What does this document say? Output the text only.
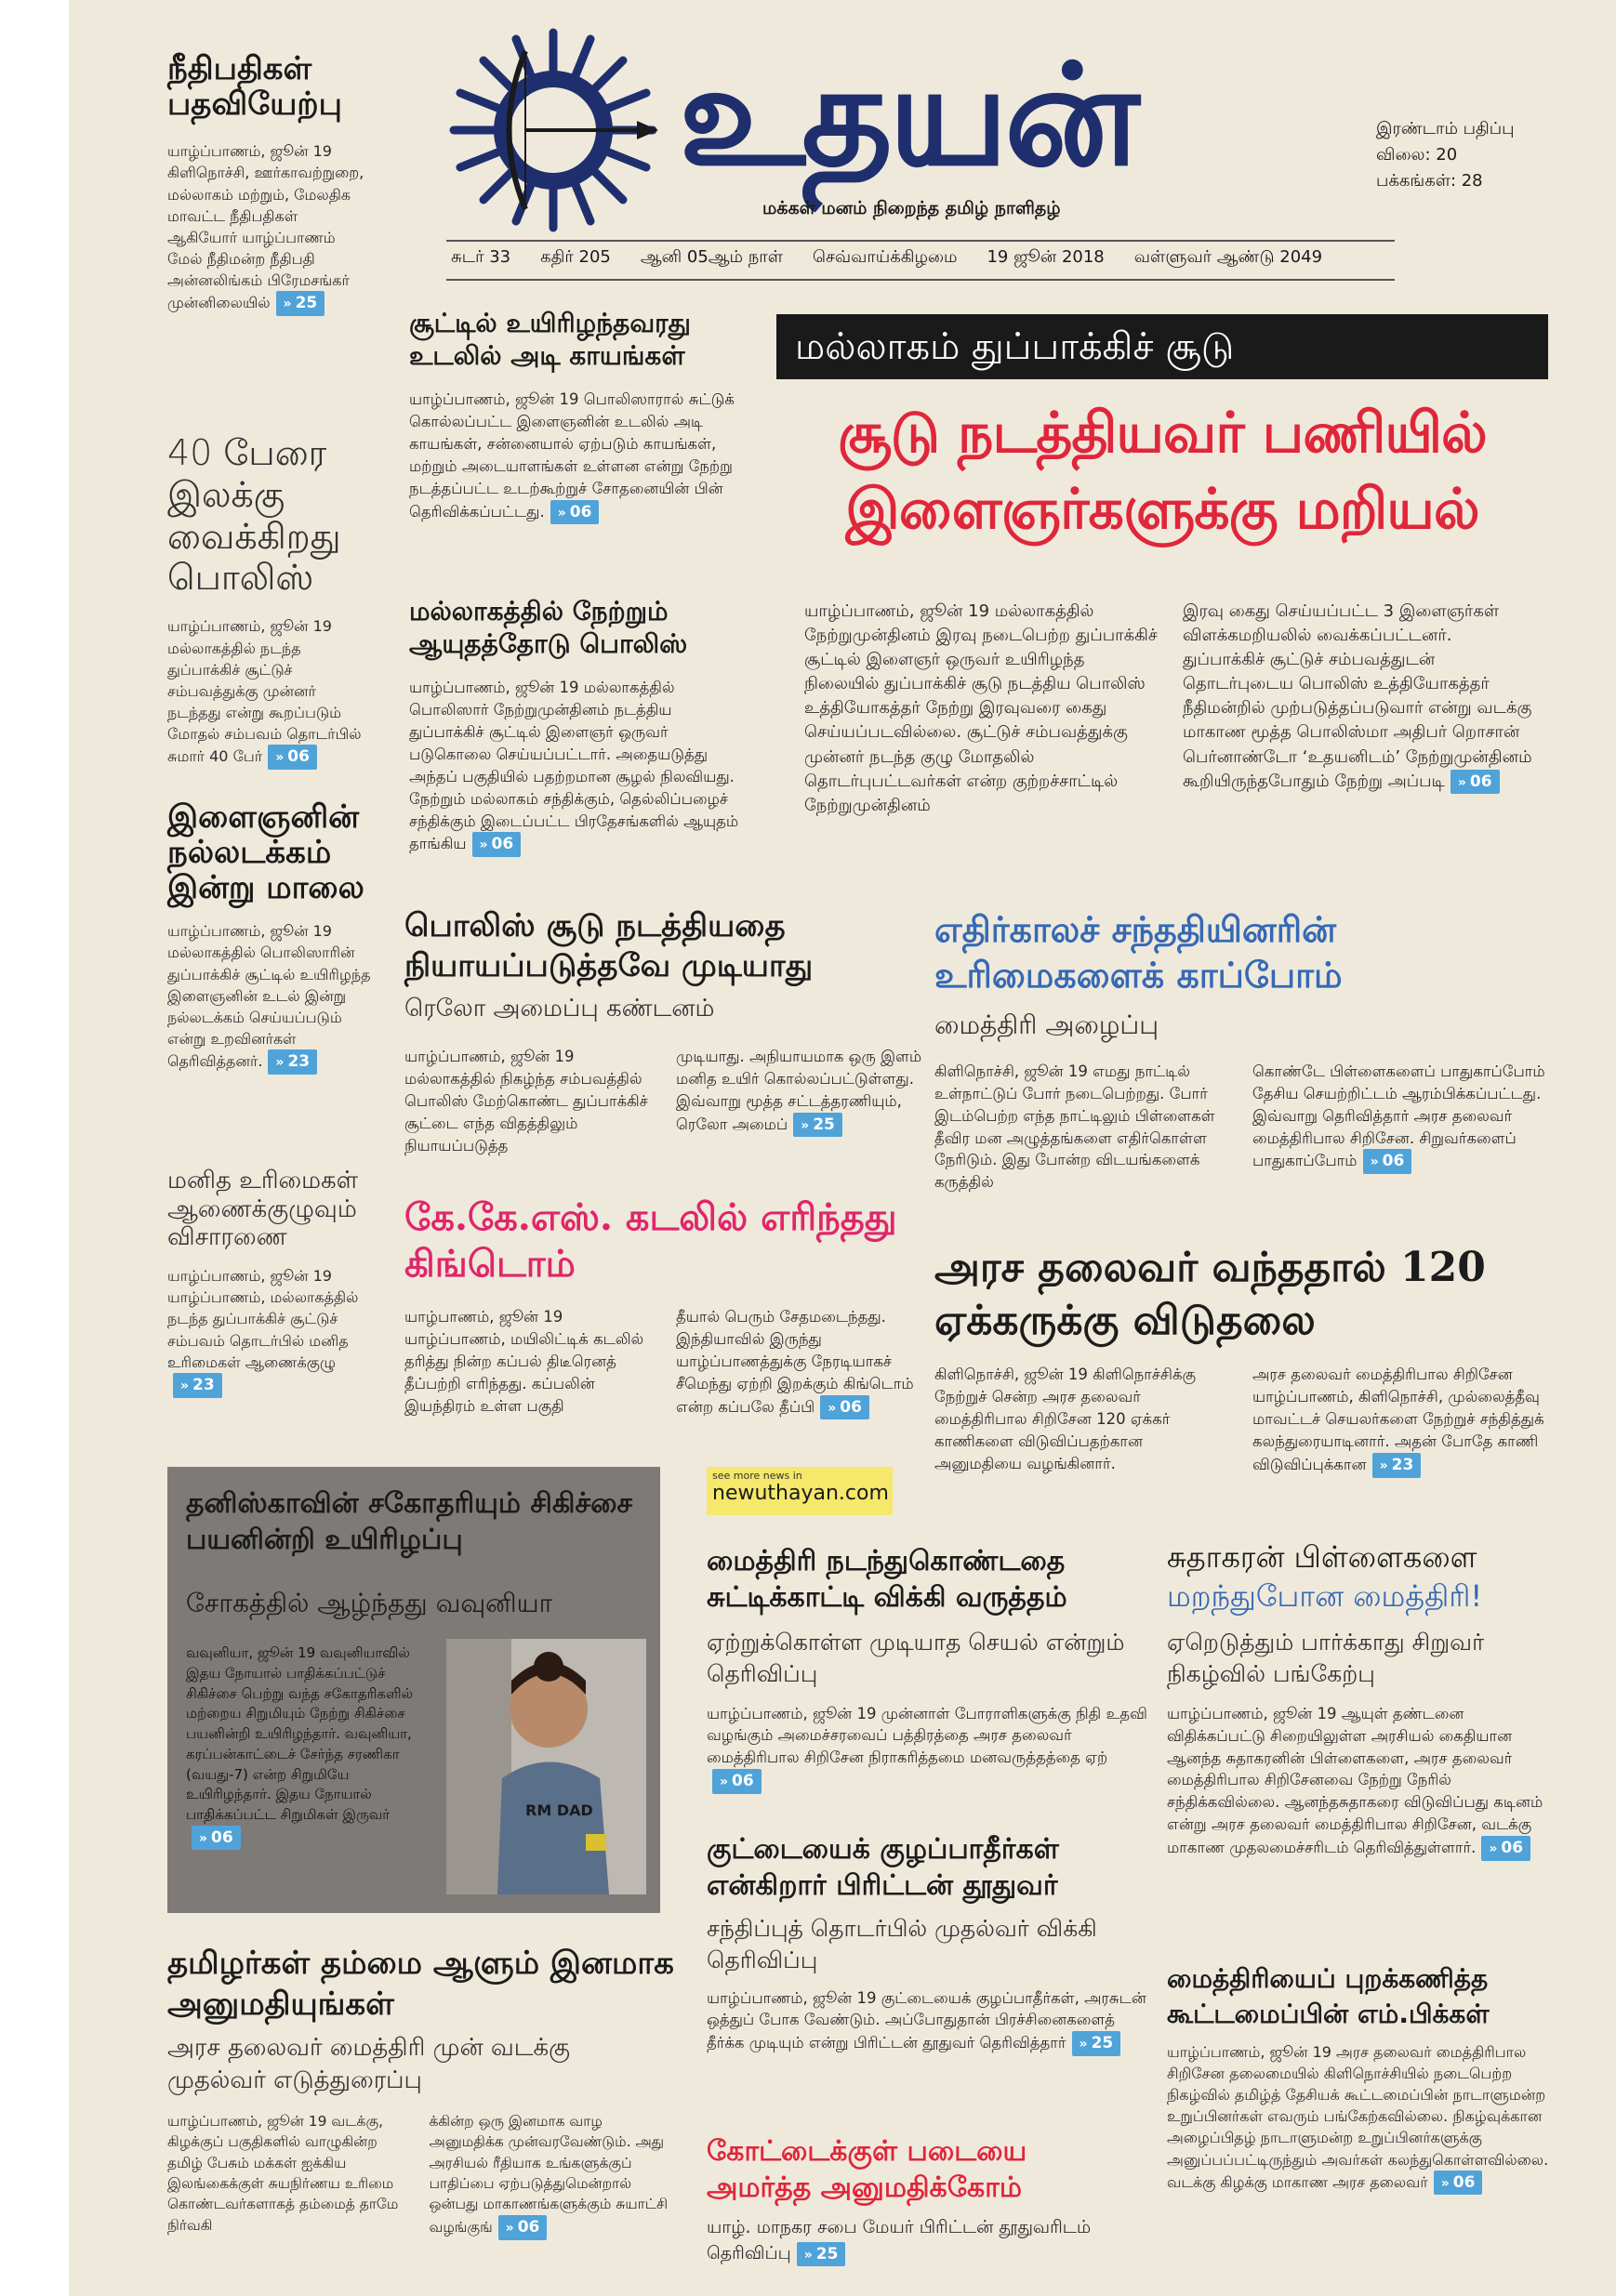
உதயன்
மக்கள் மனம் நிறைந்த தமிழ் நாளிதழ்
இரண்டாம் பதிப்பு
விலை: 20
பக்கங்கள்: 28
சுடர் 33 கதிர் 205 ஆனி 05ஆம் நாள் செவ்வாய்க்கிழமை 19 ஜூன் 2018 வள்ளுவர் ஆண்டு 2049
நீதிபதிகள் பதவியேற்பு
யாழ்ப்பாணம், ஜூன் 19 கிளிநொச்சி, ஊர்காவற்றுறை, மல்லாகம் மற்றும், மேலதிக மாவட்ட நீதிபதிகள் ஆகியோர் யாழ்ப்பாணம் மேல் நீதிமன்ற நீதிபதி அன்னலிங்கம் பிரேமசங்கர் முன்னிலையில் » 25
40 பேரை இலக்கு வைக்கிறது பொலிஸ்
யாழ்ப்பாணம், ஜூன் 19 மல்லாகத்தில் நடந்த துப்பாக்கிச் சூட்டுச் சம்பவத்துக்கு முன்னர் நடந்தது என்று கூறப்படும் மோதல் சம்பவம் தொடர்பில் சுமார் 40 பேர் » 06
இளைஞனின் நல்லடக்கம் இன்று மாலை
யாழ்ப்பாணம், ஜூன் 19 மல்லாகத்தில் பொலிஸாரின் துப்பாக்கிச் சூட்டில் உயிரிழந்த இளைஞனின் உடல் இன்று நல்லடக்கம் செய்யப்படும் என்று உறவினர்கள் தெரிவித்தனர். » 23
மனித உரிமைகள் ஆணைக்குழுவும் விசாரணை
யாழ்ப்பாணம், ஜூன் 19 யாழ்ப்பாணம், மல்லாகத்தில் நடந்த துப்பாக்கிச் சூட்டுச் சம்பவம் தொடர்பில் மனித உரிமைகள் ஆணைக்குழு» 23
சூட்டில் உயிரிழந்தவரது உடலில் அடி காயங்கள்
யாழ்ப்பாணம், ஜூன் 19 பொலிஸாரால் சுட்டுக் கொல்லப்பட்ட இளைஞனின் உடலில் அடி காயங்கள், சன்னையால் ஏற்படும் காயங்கள், மற்றும் அடையாளங்கள் உள்ளன என்று நேற்று நடத்தப்பட்ட உடற்கூற்றுச் சோதனையின் பின் தெரிவிக்கப்பட்டது. » 06
மல்லாகத்தில் நேற்றும் ஆயுதத்தோடு பொலிஸ்
யாழ்ப்பாணம், ஜூன் 19 மல்லாகத்தில் பொலிஸார் நேற்றுமுன்தினம் நடத்திய துப்பாக்கிச் சூட்டில் இளைஞர் ஒருவர் படுகொலை செய்யப்பட்டார். அதையடுத்து அந்தப் பகுதியில் பதற்றமான சூழல் நிலவியது. நேற்றும் மல்லாகம் சந்திக்கும், தெல்லிப்பழைச் சந்திக்கும் இடைப்பட்ட பிரதேசங்களில் ஆயுதம் தாங்கிய » 06
மல்லாகம் துப்பாக்கிச் சூடு
சூடு நடத்தியவர் பணியில்
இளைஞர்களுக்கு மறியல்
யாழ்ப்பாணம், ஜூன் 19 மல்லாகத்தில் நேற்றுமுன்தினம் இரவு நடைபெற்ற துப்பாக்கிச் சூட்டில் இளைஞர் ஒருவர் உயிரிழந்த நிலையில் துப்பாக்கிச் சூடு நடத்திய பொலிஸ் உத்தியோகத்தர் நேற்று இரவுவரை கைது செய்யப்படவில்லை. சூட்டுச் சம்பவத்துக்கு முன்னர் நடந்த குழு மோதலில் தொடர்புபட்டவர்கள் என்ற குற்றச்சாட்டில் நேற்றுமுன்தினம்
இரவு கைது செய்யப்பட்ட 3 இளைஞர்கள் விளக்கமறியலில் வைக்கப்பட்டனர். துப்பாக்கிச் சூட்டுச் சம்பவத்துடன் தொடர்புடைய பொலிஸ் உத்தியோகத்தர் நீதிமன்றில் முற்படுத்தப்படுவார் என்று வடக்கு மாகாண மூத்த பொலிஸ்மா அதிபர் றொசான் பெர்னாண்டோ ‘உதயனிடம்’ நேற்றுமுன்தினம் கூறியிருந்தபோதும் நேற்று அப்படி » 06
பொலிஸ் சூடு நடத்தியதை நியாயப்படுத்தவே முடியாது
ரெலோ அமைப்பு கண்டனம்
யாழ்ப்பாணம், ஜூன் 19 மல்லாகத்தில் நிகழ்ந்த சம்பவத்தில் பொலிஸ் மேற்கொண்ட துப்பாக்கிச் சூட்டை எந்த விதத்திலும் நியாயப்படுத்த
முடியாது. அநியாயமாக ஒரு இளம் மனித உயிர் கொல்லப்பட்டுள்ளது. இவ்வாறு மூத்த சட்டத்தரணியும், ரெலோ அமைப் » 25
எதிர்காலச் சந்ததியினரின் உரிமைகளைக் காப்போம்
மைத்திரி அழைப்பு
கிளிநொச்சி, ஜூன் 19 எமது நாட்டில் உள்நாட்டுப் போர் நடைபெற்றது. போர் இடம்பெற்ற எந்த நாட்டிலும் பிள்ளைகள் தீவிர மன அழுத்தங்களை எதிர்கொள்ள நேரிடும். இது போன்ற விடயங்களைக் கருத்தில்
கொண்டே பிள்ளைகளைப் பாதுகாப்போம் தேசிய செயற்றிட்டம் ஆரம்பிக்கப்பட்டது. இவ்வாறு தெரிவித்தார் அரச தலைவர் மைத்திரிபால சிறிசேன. சிறுவர்களைப் பாதுகாப்போம் » 06
கே.கே.எஸ். கடலில் எரிந்தது கிங்டொம்
யாழ்பாணம், ஜூன் 19 யாழ்ப்பாணம், மயிலிட்டிக் கடலில் தரித்து நின்ற கப்பல் திடீரெனத் தீப்பற்றி எரிந்தது. கப்பலின் இயந்திரம் உள்ள பகுதி
தீயால் பெரும் சேதமடைந்தது. இந்தியாவில் இருந்து யாழ்ப்பாணத்துக்கு நேரடியாகச் சீமெந்து ஏற்றி இறக்கும் கிங்டொம் என்ற கப்பலே தீப்பி » 06
அரச தலைவர் வந்ததால் 120 ஏக்கருக்கு விடுதலை
கிளிநொச்சி, ஜூன் 19 கிளிநொச்சிக்கு நேற்றுச் சென்ற அரச தலைவர் மைத்திரிபால சிறிசேன 120 ஏக்கர் காணிகளை விடுவிப்பதற்கான அனுமதியை வழங்கினார்.
அரச தலைவர் மைத்திரிபால சிறிசேன யாழ்ப்பாணம், கிளிநொச்சி, முல்லைத்தீவு மாவட்டச் செயலர்களை நேற்றுச் சந்தித்துக் கலந்துரையாடினார். அதன் போதே காணி விடுவிப்புக்கான » 23
தனிஸ்காவின் சகோதரியும் சிகிச்சை பயனின்றி உயிரிழப்பு
சோகத்தில் ஆழ்ந்தது வவுனியா
வவுனியா, ஜூன் 19 வவுனியாவில் இதய நோயால் பாதிக்கப்பட்டுச் சிகிச்சை பெற்று வந்த சகோதரிகளில் மற்றைய சிறுமியும் நேற்று சிகிச்சை பயனின்றி உயிரிழந்தார். வவுனியா, கரப்பன்காட்டைச் சேர்ந்த சரணிகா (வயது-7) என்ற சிறுமியே உயிரிழந்தார். இதய நோயால் பாதிக்கப்பட்ட சிறுமிகள் இருவர்» 06
RM DAD
see more news in
newuthayan.com
மைத்திரி நடந்துகொண்டதை சுட்டிக்காட்டி விக்கி வருத்தம்
ஏற்றுக்கொள்ள முடியாத செயல் என்றும் தெரிவிப்பு
யாழ்ப்பாணம், ஜூன் 19 முன்னாள் போராளிகளுக்கு நிதி உதவி வழங்கும் அமைச்சரவைப் பத்திரத்தை அரச தலைவர் மைத்திரிபால சிறிசேன நிராகரித்தமை மனவருத்தத்தை ஏற்» 06
சுதாகரன் பிள்ளைகளை
மறந்துபோன மைத்திரி!
ஏறெடுத்தும் பார்க்காது சிறுவர் நிகழ்வில் பங்கேற்பு
யாழ்ப்பாணம், ஜூன் 19 ஆயுள் தண்டனை விதிக்கப்பட்டு சிறையிலுள்ள அரசியல் கைதியான ஆனந்த சுதாகரனின் பிள்ளைகளை, அரச தலைவர் மைத்திரிபால சிறிசேனவை நேற்று நேரில் சந்திக்கவில்லை. ஆனந்தசுதாகரை விடுவிப்பது கடினம் என்று அரச தலைவர் மைத்திரிபால சிறிசேன, வடக்கு மாகாண முதலமைச்சரிடம் தெரிவித்துள்ளார். » 06
குட்டையைக் குழப்பாதீர்கள் என்கிறார் பிரிட்டன் தூதுவர்
சந்திப்புத் தொடர்பில் முதல்வர் விக்கி தெரிவிப்பு
யாழ்ப்பாணம், ஜூன் 19 குட்டையைக் குழப்பாதீர்கள், அரசுடன் ஒத்துப் போக வேண்டும். அப்போதுதான் பிரச்சினைகளைத் தீர்க்க முடியும் என்று பிரிட்டன் தூதுவர் தெரிவித்தார் » 25
தமிழர்கள் தம்மை ஆளும் இனமாக அனுமதியுங்கள்
அரச தலைவர் மைத்திரி முன் வடக்கு முதல்வர் எடுத்துரைப்பு
யாழ்ப்பாணம், ஜூன் 19 வடக்கு, கிழக்குப் பகுதிகளில் வாழுகின்ற தமிழ் பேசும் மக்கள் ஐக்கிய இலங்கைக்குள் சுயநிர்ணய உரிமை கொண்டவர்களாகத் தம்மைத் தாமே நிர்வகி
க்கின்ற ஒரு இனமாக வாழ அனுமதிக்க முன்வரவேண்டும். அது அரசியல் ரீதியாக உங்களுக்குப் பாதிப்பை ஏற்படுத்துமென்றால் ஒன்பது மாகாணங்களுக்கும் சுயாட்சி வழங்குங் » 06
மைத்திரியைப் புறக்கணித்த கூட்டமைப்பின் எம்.பிக்கள்
யாழ்ப்பாணம், ஜூன் 19 அரச தலைவர் மைத்திரிபால சிறிசேன தலைமையில் கிளிநொச்சியில் நடைபெற்ற நிகழ்வில் தமிழ்த் தேசியக் கூட்டமைப்பின் நாடாளுமன்ற உறுப்பினர்கள் எவரும் பங்கேற்கவில்லை. நிகழ்வுக்கான அழைப்பிதழ் நாடாளுமன்ற உறுப்பினர்களுக்கு அனுப்பப்பட்டிருந்தும் அவர்கள் கலந்துகொள்ளவில்லை. வடக்கு கிழக்கு மாகாண அரச தலைவர் » 06
கோட்டைக்குள் படையை
அமர்த்த அனுமதிக்கோம்
யாழ். மாநகர சபை மேயர் பிரிட்டன் தூதுவரிடம் தெரிவிப்பு » 25
